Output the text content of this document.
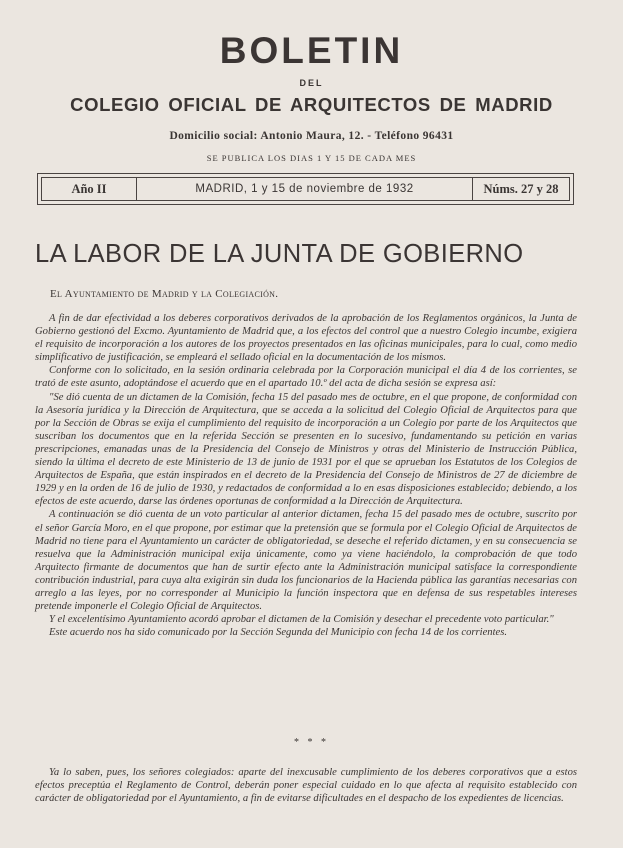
BOLETIN
DEL
COLEGIO OFICIAL DE ARQUITECTOS DE MADRID
Domicilio social: Antonio Maura, 12. - Teléfono 96431
SE PUBLICA LOS DIAS 1 Y 15 DE CADA MES
Año II	MADRID, 1 y 15 de noviembre de 1932	Núms. 27 y 28
LA LABOR DE LA JUNTA DE GOBIERNO
El Ayuntamiento de Madrid y la Colegiación.

A fin de dar efectividad a los deberes corporativos derivados de la aprobación de los Reglamentos orgánicos, la Junta de Gobierno gestionó del Excmo. Ayuntamiento de Madrid que, a los efectos del control que a nuestro Colegio incumbe, exigiera el requisito de incorporación a los autores de los proyectos presentados en las oficinas municipales, para lo cual, como medio simplificativo de justificación, se empleará el sellado oficial en la documentación de los mismos.

Conforme con lo solicitado, en la sesión ordinaria celebrada por la Corporación municipal el día 4 de los corrientes, se trató de este asunto, adoptándose el acuerdo que en el apartado 10.º del acta de dicha sesión se expresa así:

"Se dió cuenta de un dictamen de la Comisión, fecha 15 del pasado mes de octubre, en el que propone, de conformidad con la Asesoría jurídica y la Dirección de Arquitectura, que se acceda a la solicitud del Colegio Oficial de Arquitectos para que por la Sección de Obras se exija el cumplimiento del requisito de incorporación a un Colegio por parte de los Arquitectos que suscriban los documentos que en la referida Sección se presenten en lo sucesivo, fundamentando su petición en varias prescripciones, emanadas unas de la Presidencia del Consejo de Ministros y otras del Ministerio de Instrucción Pública, siendo la última el decreto de este Ministerio de 13 de junio de 1931 por el que se aprueban los Estatutos de los Colegios de Arquitectos de España, que están inspirados en el decreto de la Presidencia del Consejo de Ministros de 27 de diciembre de 1929 y en la orden de 16 de julio de 1930, y redactados de conformidad a lo en esas disposiciones establecido; debiendo, a los efectos de este acuerdo, darse las órdenes oportunas de conformidad a la Dirección de Arquitectura.

A continuación se dió cuenta de un voto particular al anterior dictamen, fecha 15 del pasado mes de octubre, suscrito por el señor García Moro, en el que propone, por estimar que la pretensión que se formula por el Colegio Oficial de Arquitectos de Madrid no tiene para el Ayuntamiento un carácter de obligatoriedad, se deseche el referido dictamen, y en su consecuencia se resuelva que la Administración municipal exija únicamente, como ya viene haciéndolo, la comprobación de que todo Arquitecto firmante de documentos que han de surtir efecto ante la Administración municipal satisface la correspondiente contribución industrial, para cuya alta exigirán sin duda los funcionarios de la Hacienda pública las garantías necesarias con arreglo a las leyes, por no corresponder al Municipio la función inspectora que en defensa de sus respetables intereses pretende imponerle el Colegio Oficial de Arquitectos.

Y el excelentísimo Ayuntamiento acordó aprobar el dictamen de la Comisión y desechar el precedente voto particular."

Este acuerdo nos ha sido comunicado por la Sección Segunda del Municipio con fecha 14 de los corrientes.

* * *

Ya lo saben, pues, los señores colegiados: aparte del inexcusable cumplimiento de los deberes corporativos que a estos efectos preceptúa el Reglamento de Control, deberán poner especial cuidado en lo que afecta al requisito establecido con carácter de obligatoriedad por el Ayuntamiento, a fin de evitarse dificultades en el despacho de los expedientes de licencias.
